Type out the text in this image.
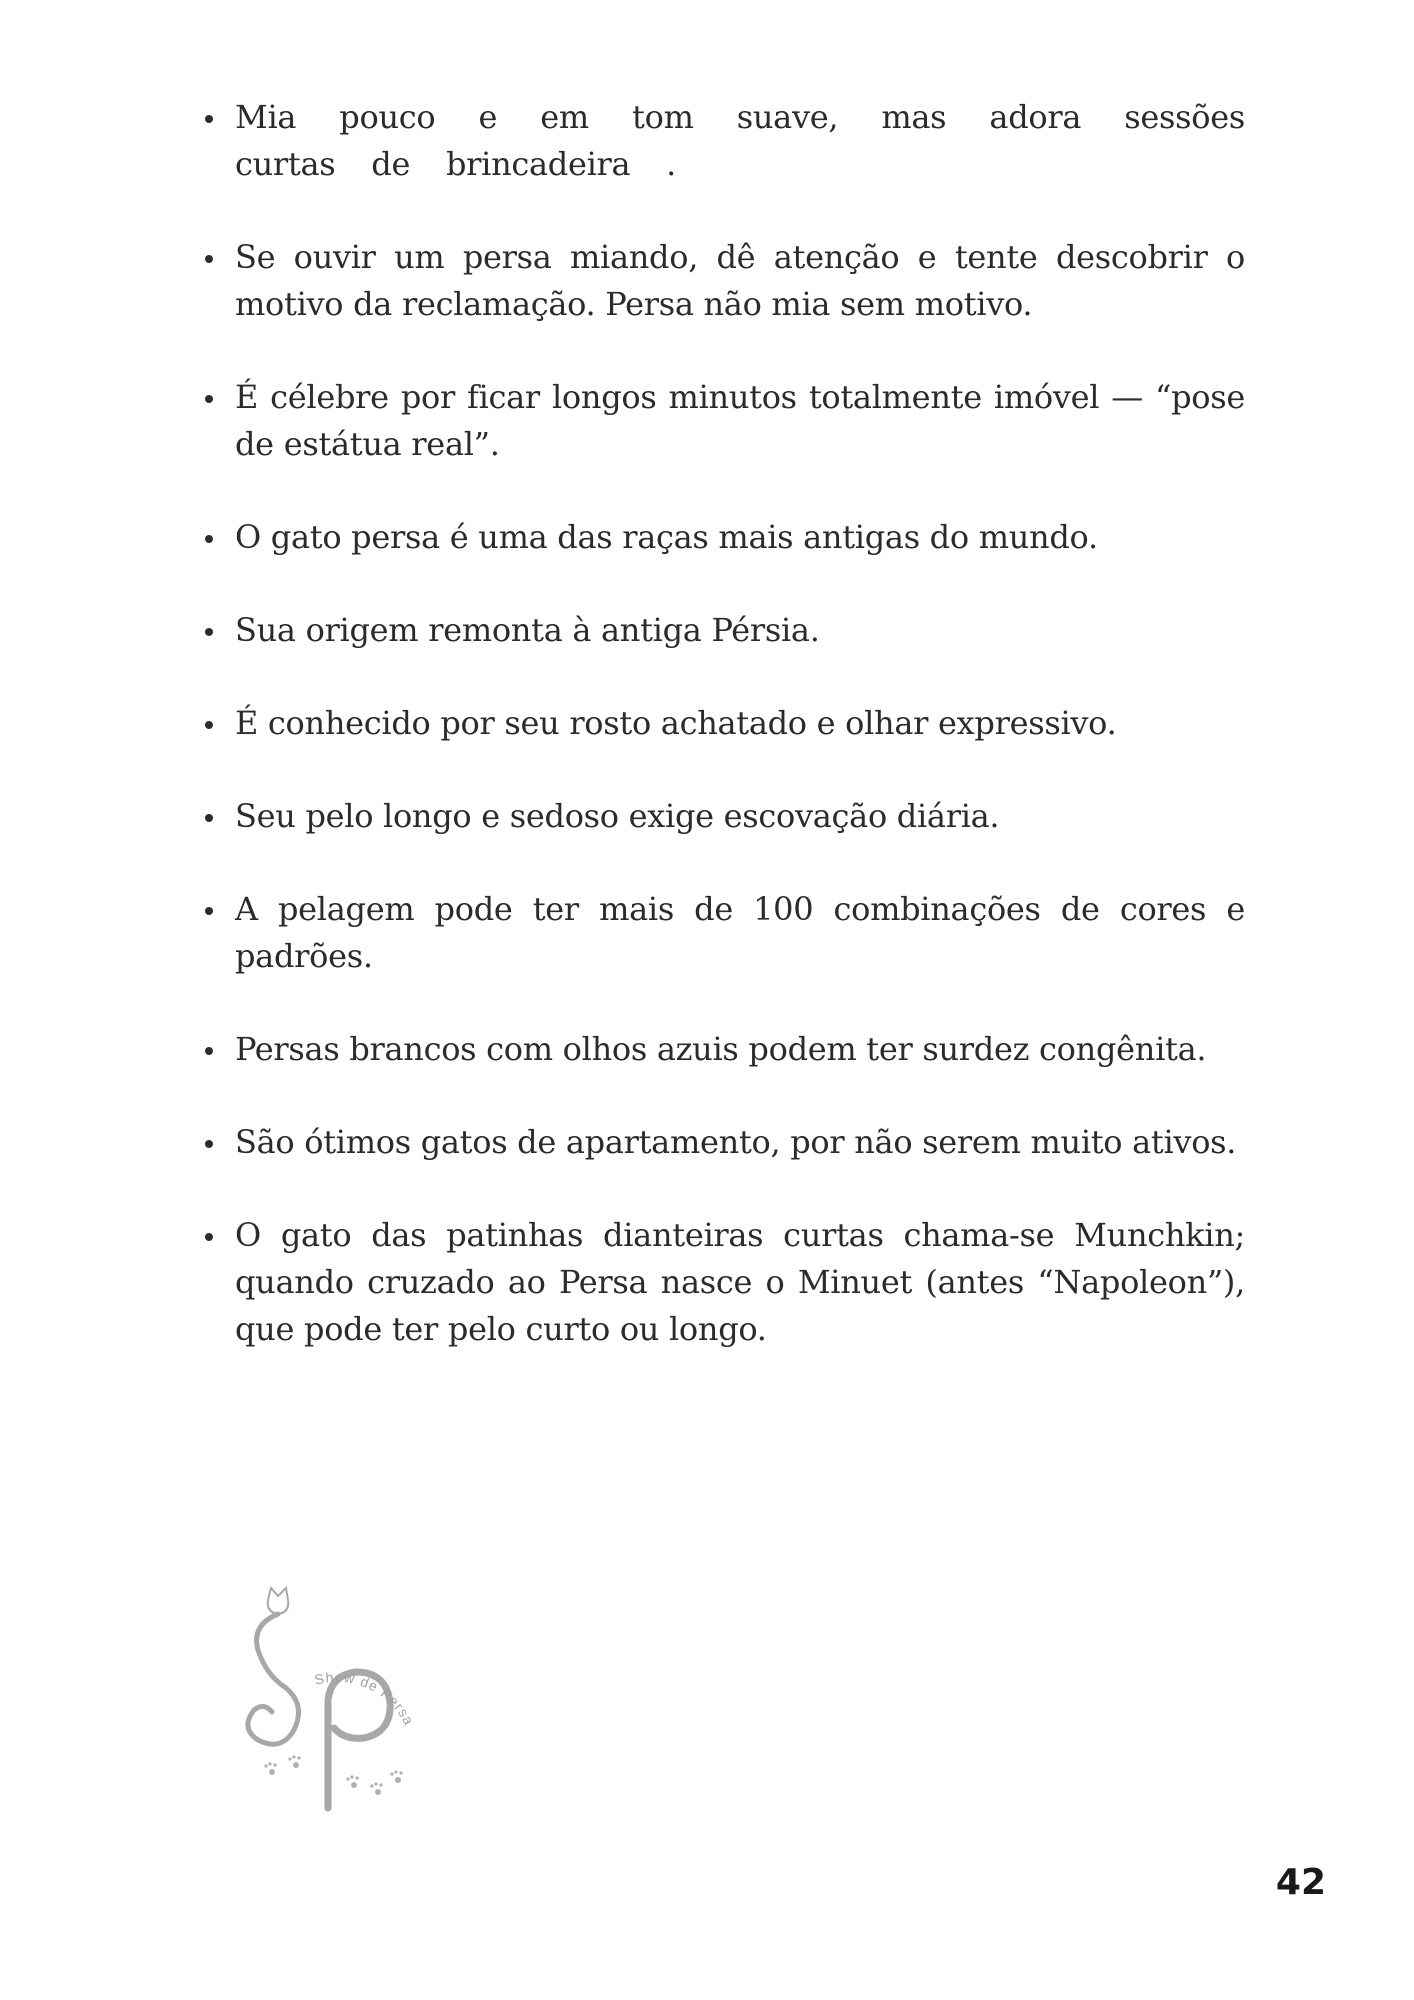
Mia pouco e em tom suave, mas adora sessões curtas de brincadeira .
Se ouvir um persa miando, dê atenção e tente descobrir o motivo da reclamação. Persa não mia sem motivo.
É célebre por ficar longos minutos totalmente imóvel — “pose de estátua real”.
O gato persa é uma das raças mais antigas do mundo.
Sua origem remonta à antiga Pérsia.
É conhecido por seu rosto achatado e olhar expressivo.
Seu pelo longo e sedoso exige escovação diária.
A pelagem pode ter mais de 100 combinações de cores e padrões.
Persas brancos com olhos azuis podem ter surdez congênita.
São ótimos gatos de apartamento, por não serem muito ativos.
O gato das patinhas dianteiras curtas chama-se Munchkin; quando cruzado ao Persa nasce o Minuet (antes “Napoleon”), que pode ter pelo curto ou longo.
Show de Persa
42
